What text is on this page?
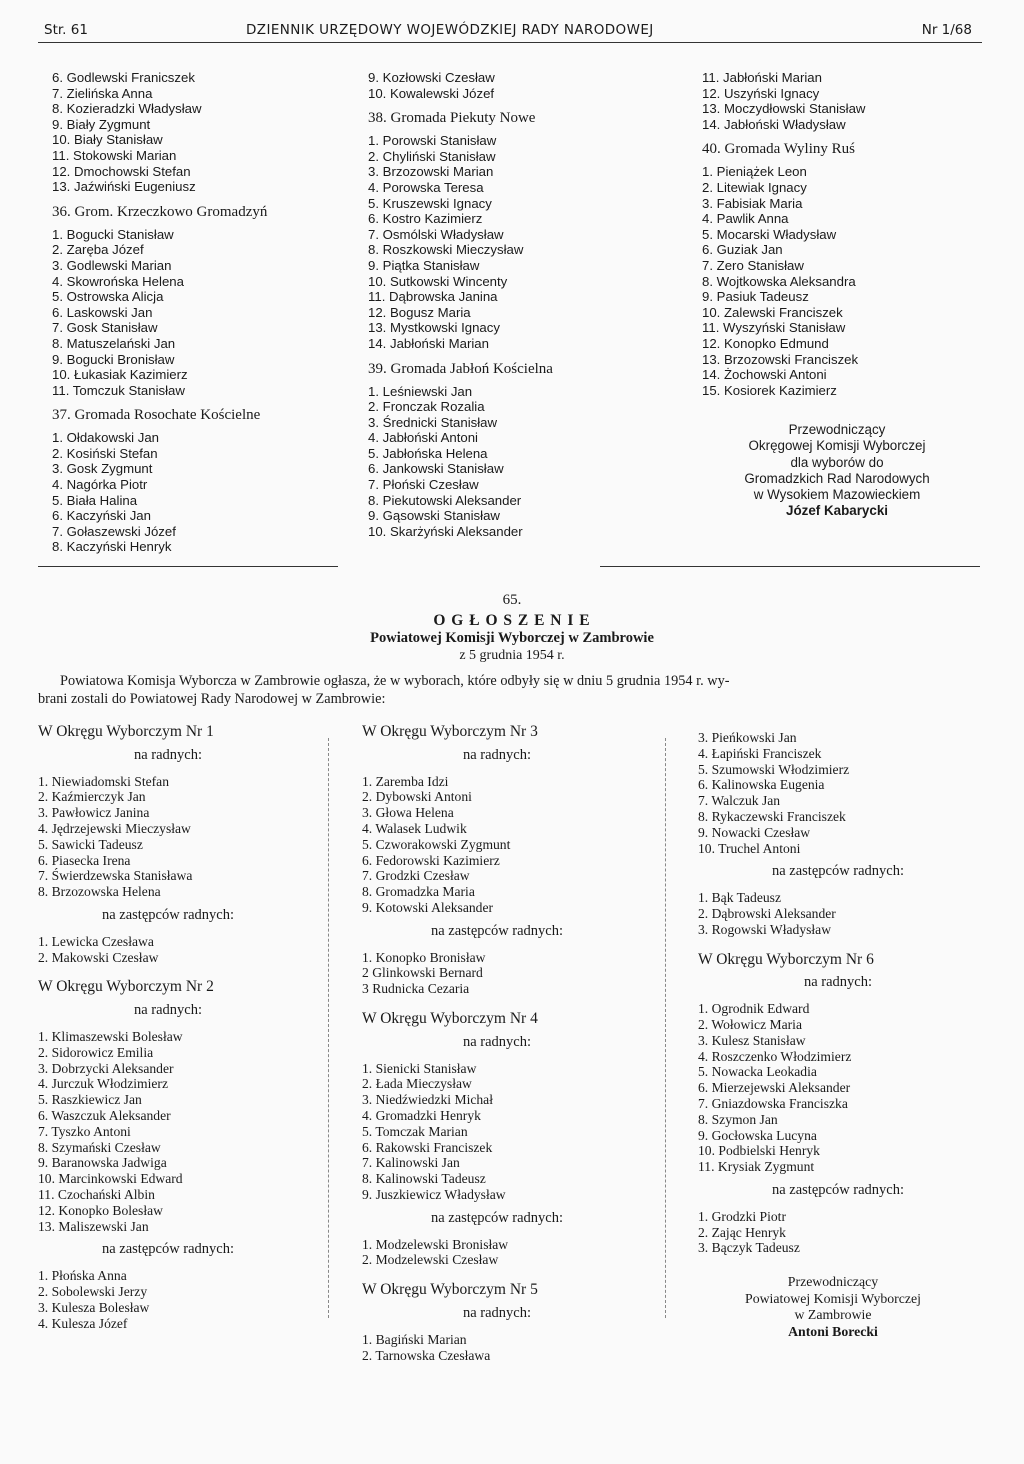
Str. 61	DZIENNIK URZĘDOWY WOJEWÓDZKIEJ RADY NARODOWEJ	Nr 1/68
6. Godlewski Franicszek
7. Zielińska Anna
8. Kozieradzki Władysław
9. Biały Zygmunt
10. Biały Stanisław
11. Stokowski Marian
12. Dmochowski Stefan
13. Jaźwiński Eugeniusz
36. Grom. Krzeczkowo Gromadzyń
1. Bogucki Stanisław
2. Zaręba Józef
3. Godlewski Marian
4. Skowrońska Helena
5. Ostrowska Alicja
6. Laskowski Jan
7. Gosk Stanisław
8. Matuszelański Jan
9. Bogucki Bronisław
10. Łukasiak Kazimierz
11. Tomczuk Stanisław
37. Gromada Rosochate Kościelne
1. Ołdakowski Jan
2. Kosiński Stefan
3. Gosk Zygmunt
4. Nagórka Piotr
5. Biała Halina
6. Kaczyński Jan
7. Gołaszewski Józef
8. Kaczyński Henryk
9. Kozłowski Czesław
10. Kowalewski Józef
38. Gromada Piekuty Nowe
1. Porowski Stanisław
2. Chyliński Stanisław
3. Brzozowski Marian
4. Porowska Teresa
5. Kruszewski Ignacy
6. Kostro Kazimierz
7. Osmólski Władysław
8. Roszkowski Mieczysław
9. Piątka Stanisław
10. Sutkowski Wincenty
11. Dąbrowska Janina
12. Bogusz Maria
13. Mystkowski Ignacy
14. Jabłoński Marian
39. Gromada Jabłoń Kościelna
1. Leśniewski Jan
2. Fronczak Rozalia
3. Średnicki Stanisław
4. Jabłoński Antoni
5. Jabłońska Helena
6. Jankowski Stanisław
7. Płoński Czesław
8. Piekutowski Aleksander
9. Gąsowski Stanisław
10. Skarżyński Aleksander
11. Jabłoński Marian
12. Uszyński Ignacy
13. Moczydłowski Stanisław
14. Jabłoński Władysław
40. Gromada Wyliny Ruś
1. Pieniążek Leon
2. Litewiak Ignacy
3. Fabisiak Maria
4. Pawlik Anna
5. Mocarski Władysław
6. Guziak Jan
7. Zero Stanisław
8. Wojtkowska Aleksandra
9. Pasiuk Tadeusz
10. Zalewski Franciszek
11. Wyszyński Stanisław
12. Konopko Edmund
13. Brzozowski Franciszek
14. Żochowski Antoni
15. Kosiorek Kazimierz
Przewodniczący
Okręgowej Komisji Wyborczej
dla wyborów do
Gromadzkich Rad Narodowych
w Wysokiem Mazowieckiem
Józef Kabarycki
65.
O G Ł O S Z E N I E
Powiatowej Komisji Wyborczej w Zambrowie
z 5 grudnia 1954 r.
Powiatowa Komisja Wyborcza w Zambrowie ogłasza, że w wyborach, które odbyły się w dniu 5 grudnia 1954 r. wy-
brani zostali do Powiatowej Rady Narodowej w Zambrowie:
W Okręgu Wyborczym Nr 1
na radnych:
1. Niewiadomski Stefan
2. Kaźmierczyk Jan
3. Pawłowicz Janina
4. Jędrzejewski Mieczysław
5. Sawicki Tadeusz
6. Piasecka Irena
7. Świerdzewska Stanisława
8. Brzozowska Helena
na zastępców radnych:
1. Lewicka Czesława
2. Makowski Czesław
W Okręgu Wyborczym Nr 2
na radnych:
1. Klimaszewski Bolesław
2. Sidorowicz Emilia
3. Dobrzycki Aleksander
4. Jurczuk Włodzimierz
5. Raszkiewicz Jan
6. Waszczuk Aleksander
7. Tyszko Antoni
8. Szymański Czesław
9. Baranowska Jadwiga
10. Marcinkowski Edward
11. Czochański Albin
12. Konopko Bolesław
13. Maliszewski Jan
na zastępców radnych:
1. Płońska Anna
2. Sobolewski Jerzy
3. Kulesza Bolesław
4. Kulesza Józef
W Okręgu Wyborczym Nr 3
na radnych:
1. Zaremba Idzi
2. Dybowski Antoni
3. Głowa Helena
4. Walasek Ludwik
5. Czworakowski Zygmunt
6. Fedorowski Kazimierz
7. Grodzki Czesław
8. Gromadzka Maria
9. Kotowski Aleksander
na zastępców radnych:
1. Konopko Bronisław
2 Glinkowski Bernard
3 Rudnicka Cezaria
W Okręgu Wyborczym Nr 4
na radnych:
1. Sienicki Stanisław
2. Łada Mieczysław
3. Niedźwiedzki Michał
4. Gromadzki Henryk
5. Tomczak Marian
6. Rakowski Franciszek
7. Kalinowski Jan
8. Kalinowski Tadeusz
9. Juszkiewicz Władysław
na zastępców radnych:
1. Modzelewski Bronisław
2. Modzelewski Czesław
W Okręgu Wyborczym Nr 5
na radnych:
1. Bagiński Marian
2. Tarnowska Czesława
3. Pieńkowski Jan
4. Łapiński Franciszek
5. Szumowski Włodzimierz
6. Kalinowska Eugenia
7. Walczuk Jan
8. Rykaczewski Franciszek
9. Nowacki Czesław
10. Truchel Antoni
na zastępców radnych:
1. Bąk Tadeusz
2. Dąbrowski Aleksander
3. Rogowski Władysław
W Okręgu Wyborczym Nr 6
na radnych:
1. Ogrodnik Edward
2. Wołowicz Maria
3. Kulesz Stanisław
4. Roszczenko Włodzimierz
5. Nowacka Leokadia
6. Mierzejewski Aleksander
7. Gniazdowska Franciszka
8. Szymon Jan
9. Gocłowska Lucyna
10. Podbielski Henryk
11. Krysiak Zygmunt
na zastępców radnych:
1. Grodzki Piotr
2. Zając Henryk
3. Bączyk Tadeusz
Przewodniczący
Powiatowej Komisji Wyborczej
w Zambrowie
Antoni Borecki
